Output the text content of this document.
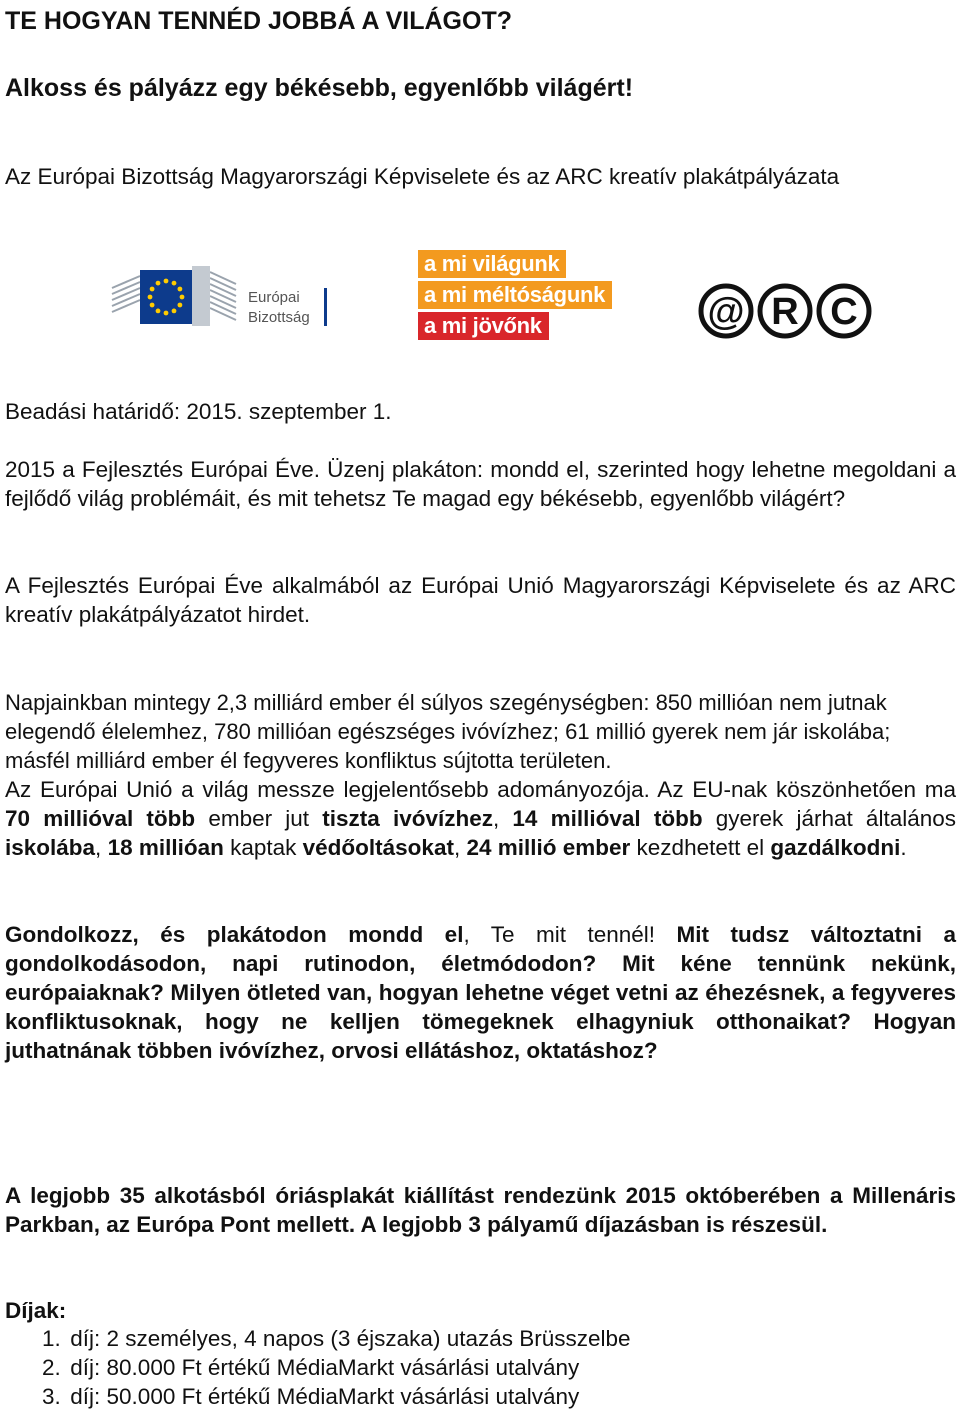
TE HOGYAN TENNÉD JOBBÁ A VILÁGOT?
Alkoss és pályázz egy békésebb, egyenlőbb világért!

Az Európai Bizottság Magyarországi Képviselete és az ARC kreatív plakátpályázata

Európai
Bizottság
a mi világunk
a mi méltóságunk
a mi jövőnk	@ R C

Beadási határidő: 2015. szeptember 1.

2015 a Fejlesztés Európai Éve. Üzenj plakáton: mondd el, szerinted hogy lehetne megoldani a fejlődő világ problémáit, és mit tehetsz Te magad egy békésebb, egyenlőbb világért?

A Fejlesztés Európai Éve alkalmából az Európai Unió Magyarországi Képviselete és az ARC kreatív plakátpályázatot hirdet.

Napjainkban mintegy 2,3 milliárd ember él súlyos szegénységben: 850 millióan nem jutnak elegendő élelemhez, 780 millióan egészséges ivóvízhez; 61 millió gyerek nem jár iskolába; másfél milliárd ember él fegyveres konfliktus sújtotta területen.

Az Európai Unió a világ messze legjelentősebb adományozója. Az EU-nak köszönhetően ma 70 millióval több ember jut tiszta ivóvízhez, 14 millióval több gyerek járhat általános iskolába, 18 millióan kaptak védőoltásokat, 24 millió ember kezdhetett el gazdálkodni.

Gondolkozz, és plakátodon mondd el, Te mit tennél! Mit tudsz változtatni a gondolkodásodon, napi rutinodon, életmódodon? Mit kéne tennünk nekünk, európaiaknak? Milyen ötleted van, hogyan lehetne véget vetni az éhezésnek, a fegyveres konfliktusoknak, hogy ne kelljen tömegeknek elhagyniuk otthonaikat? Hogyan juthatnának többen ivóvízhez, orvosi ellátáshoz, oktatáshoz?

A legjobb 35 alkotásból óriásplakát kiállítást rendezünk 2015 októberében a Millenáris Parkban, az Európa Pont mellett. A legjobb 3 pályamű díjazásban is részesül.

Díjak:

1. díj: 2 személyes, 4 napos (3 éjszaka) utazás Brüsszelbe
2. díj: 80.000 Ft értékű MédiaMarkt vásárlási utalvány
3. díj: 50.000 Ft értékű MédiaMarkt vásárlási utalvány
